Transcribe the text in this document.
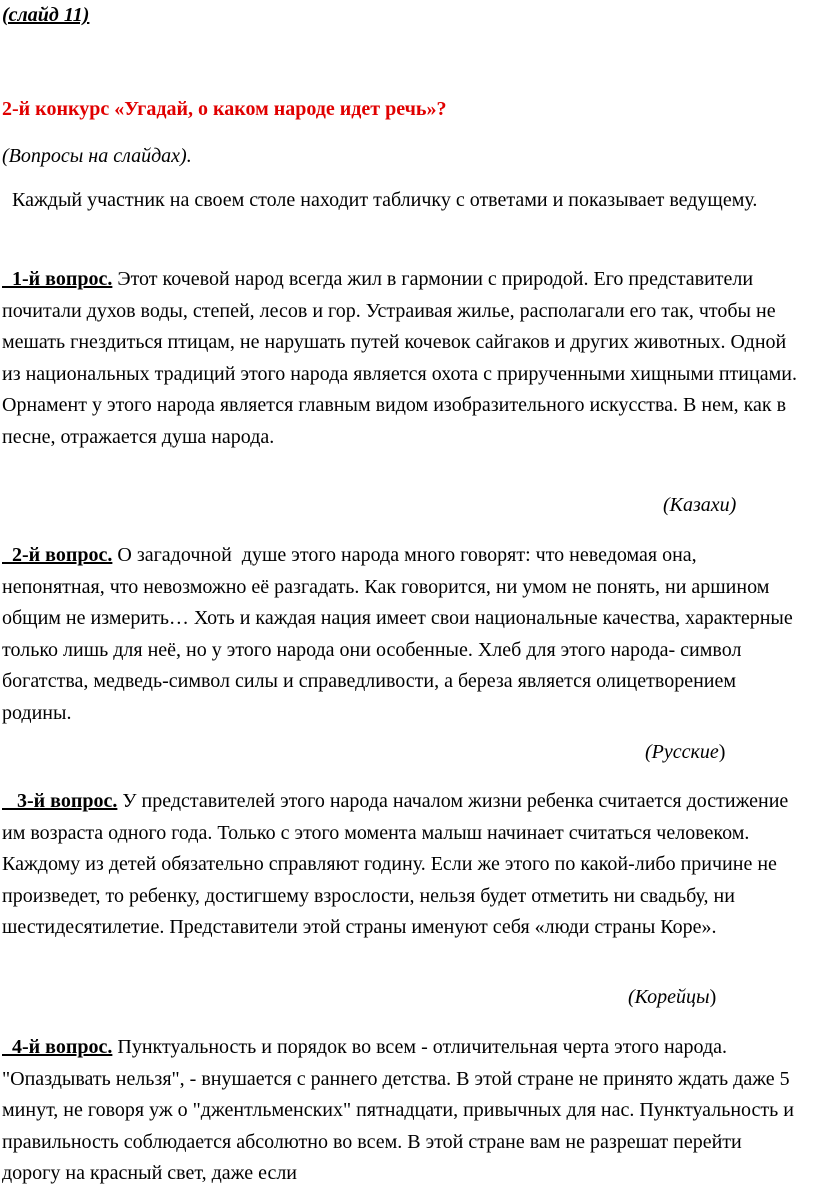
(слайд 11)
2-й конкурс «Угадай, о каком народе идет речь»?
(Вопросы на слайдах).
Каждый участник на своем столе находит табличку с ответами и показывает ведущему.
1-й вопрос. Этот кочевой народ всегда жил в гармонии с природой. Его представители почитали духов воды, степей, лесов и гор. Устраивая жилье, располагали его так, чтобы не мешать гнездиться птицам, не нарушать путей кочевок сайгаков и других животных. Одной из национальных традиций этого народа является охота с прирученными хищными птицами. Орнамент у этого народа является главным видом изобразительного искусства. В нем, как в песне, отражается душа народа.
(Казахи)
2-й вопрос. О загадочной  душе этого народа много говорят: что неведомая она, непонятная, что невозможно её разгадать. Как говорится, ни умом не понять, ни аршином общим не измерить… Хоть и каждая нация имеет свои национальные качества, характерные только лишь для неё, но у этого народа они особенные. Хлеб для этого народа- символ богатства, медведь-символ силы и справедливости, а береза является олицетворением родины.
(Русские)
3-й вопрос. У представителей этого народа началом жизни ребенка считается достижение им возраста одного года. Только с этого момента малыш начинает считаться человеком. Каждому из детей обязательно справляют годину. Если же этого по какой-либо причине не произведет, то ребенку, достигшему взрослости, нельзя будет отметить ни свадьбу, ни шестидесятилетие. Представители этой страны именуют себя «люди страны Коре».
(Корейцы)
4-й вопрос. Пунктуальность и порядок во всем - отличительная черта этого народа. "Опаздывать нельзя", - внушается с раннего детства. В этой стране не принято ждать даже 5 минут, не говоря уж о "джентльменских" пятнадцати, привычных для нас. Пунктуальность и правильность соблюдается абсолютно во всем. В этой стране вам не разрешат перейти дорогу на красный свет, даже если
